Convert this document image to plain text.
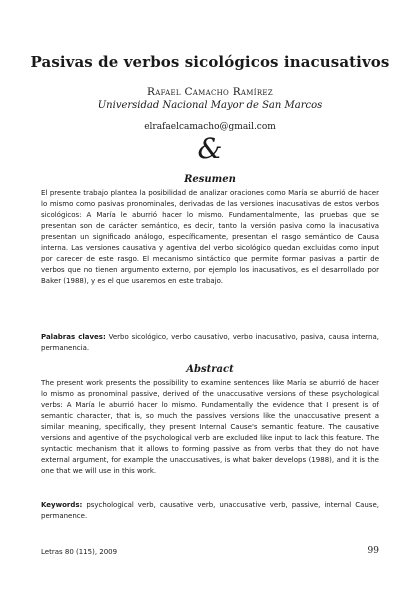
Pasivas de verbos sicológicos inacusativos
Rafael Camacho Ramírez
Universidad Nacional Mayor de San Marcos
elrafaelcamacho@gmail.com
&
Resumen
El presente trabajo plantea la posibilidad de analizar oraciones como María se aburrió de hacer lo mismo como pasivas pronominales, derivadas de las versiones inacusativas de estos verbos sicológicos: A María le aburrió hacer lo mismo. Fundamentalmente, las pruebas que se presentan son de carácter semántico, es decir, tanto la versión pasiva como la inacusativa presentan un significado análogo, específicamente, presentan el rasgo semántico de Causa interna. Las versiones causativa y agentiva del verbo sicológico quedan excluidas como input por carecer de este rasgo. El mecanismo sintáctico que permite formar pasivas a partir de verbos que no tienen argumento externo, por ejemplo los inacusativos, es el desarrollado por Baker (1988), y es el que usaremos en este trabajo.
Palabras claves: Verbo sicológico, verbo causativo, verbo inacusativo, pasiva, causa interna, permanencia.
Abstract
The present work presents the possibility to examine sentences like María se aburrió de hacer lo mismo as pronominal passive, derived of the unaccusative versions of these psychological verbs: A María le aburrió hacer lo mismo. Fundamentally the evidence that I present is of semantic character, that is, so much the passives versions like the unaccusative present a similar meaning, specifically, they present Internal Cause's semantic feature. The causative versions and agentive of the psychological verb are excluded like input to lack this feature. The syntactic mechanism that it allows to forming passive as from verbs that they do not have external argument, for example the unaccusatives, is what baker develops (1988), and it is the one that we will use in this work.
Keywords: psychological verb, causative verb, unaccusative verb, passive, internal Cause, permanence.
Letras 80 (115), 2009	99
